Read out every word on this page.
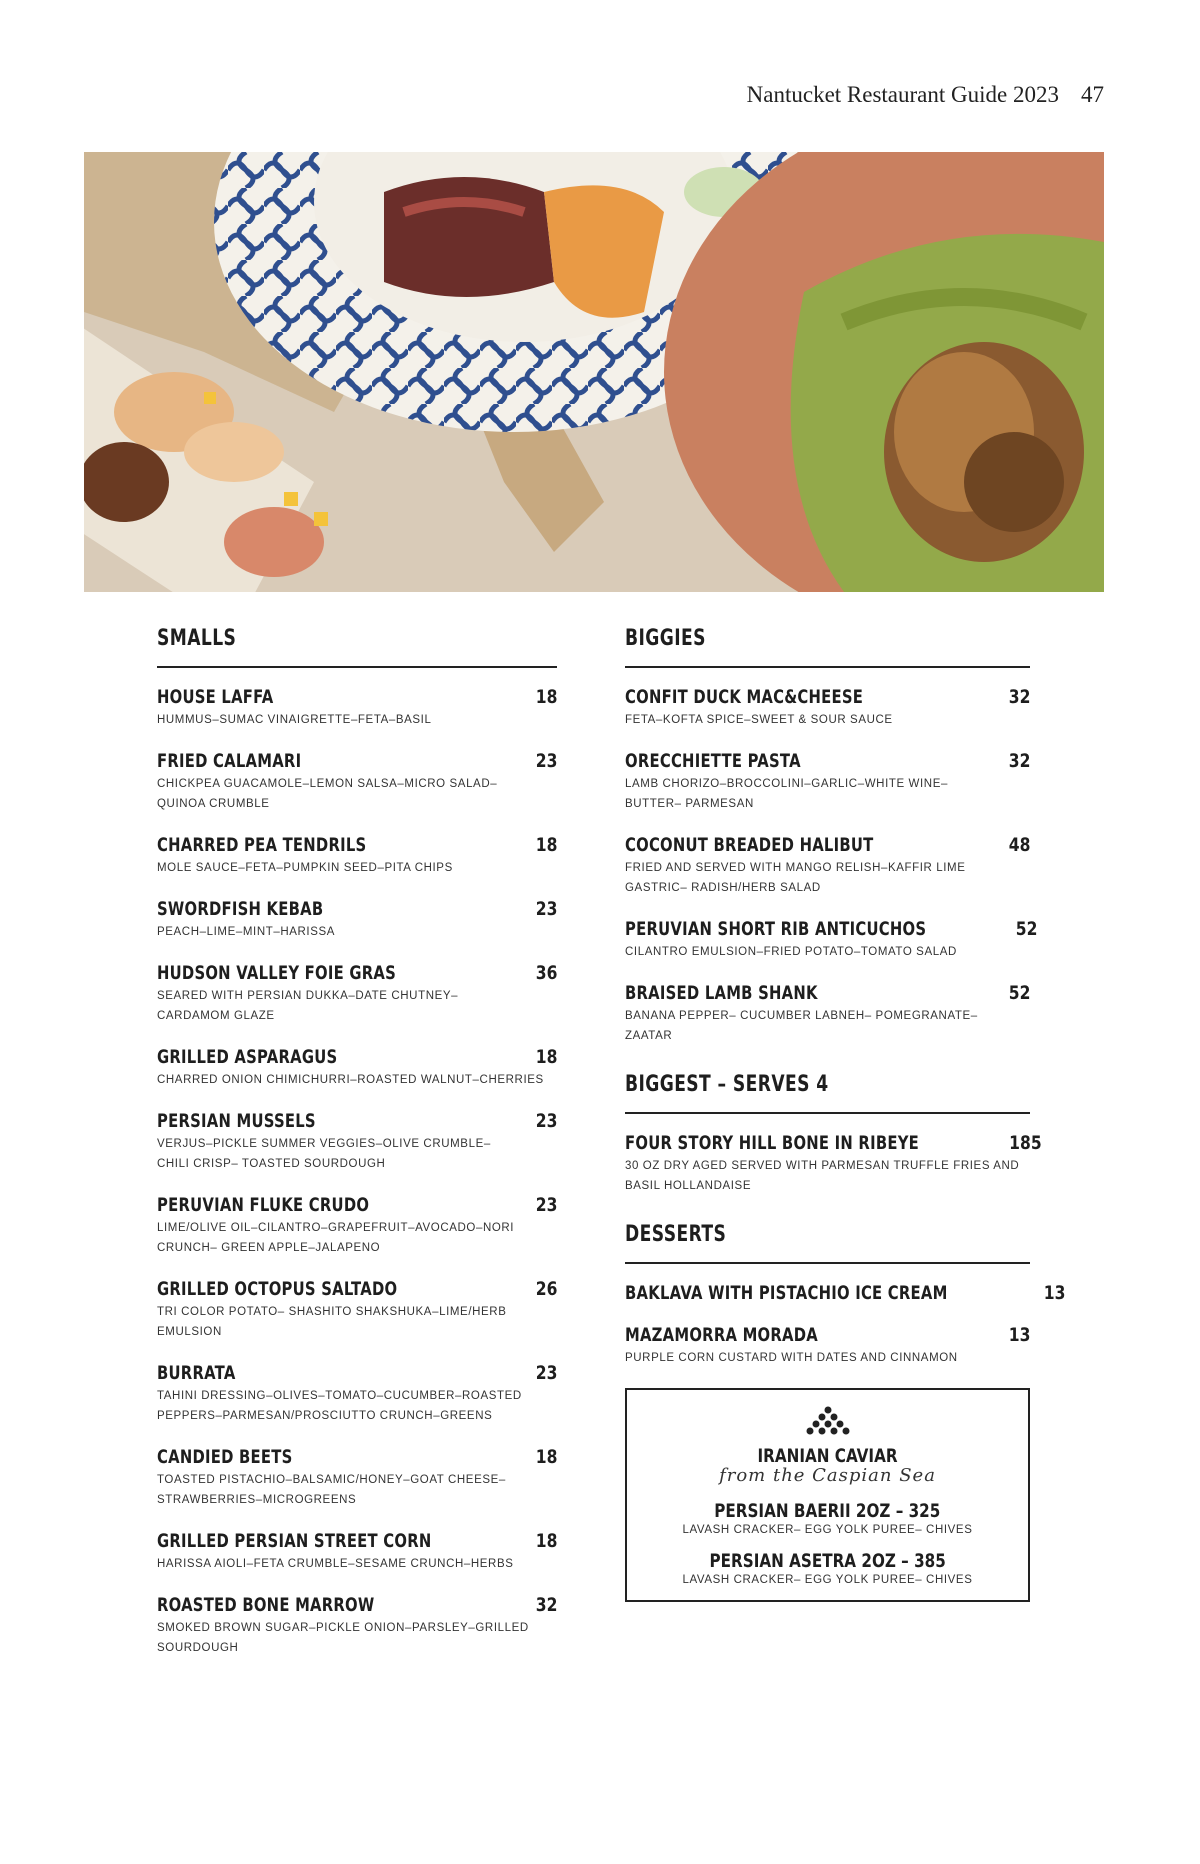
Nantucket Restaurant Guide 2023 47
SMALLS
HOUSE LAFFA	18
HUMMUS–SUMAC VINAIGRETTE–FETA–BASIL
FRIED CALAMARI	23
CHICKPEA GUACAMOLE–LEMON SALSA–MICRO SALAD– QUINOA CRUMBLE
CHARRED PEA TENDRILS	18
MOLE SAUCE–FETA–PUMPKIN SEED–PITA CHIPS
SWORDFISH KEBAB	23
PEACH–LIME–MINT–HARISSA
HUDSON VALLEY FOIE GRAS	36
SEARED WITH PERSIAN DUKKA–DATE CHUTNEY– CARDAMOM GLAZE
GRILLED ASPARAGUS	18
CHARRED ONION CHIMICHURRI–ROASTED WALNUT–CHERRIES
PERSIAN MUSSELS	23
VERJUS–PICKLE SUMMER VEGGIES–OLIVE CRUMBLE– CHILI CRISP– TOASTED SOURDOUGH
PERUVIAN FLUKE CRUDO	23
LIME/OLIVE OIL–CILANTRO–GRAPEFRUIT–AVOCADO–NORI CRUNCH– GREEN APPLE–JALAPENO
GRILLED OCTOPUS SALTADO	26
TRI COLOR POTATO– SHASHITO SHAKSHUKA–LIME/HERB EMULSION
BURRATA	23
TAHINI DRESSING–OLIVES–TOMATO–CUCUMBER–ROASTED PEPPERS–PARMESAN/PROSCIUTTO CRUNCH–GREENS
CANDIED BEETS	18
TOASTED PISTACHIO–BALSAMIC/HONEY–GOAT CHEESE– STRAWBERRIES–MICROGREENS
GRILLED PERSIAN STREET CORN	18
HARISSA AIOLI–FETA CRUMBLE–SESAME CRUNCH–HERBS
ROASTED BONE MARROW	32
SMOKED BROWN SUGAR–PICKLE ONION–PARSLEY–GRILLED SOURDOUGH
BIGGIES
CONFIT DUCK MAC&CHEESE	32
FETA–KOFTA SPICE–SWEET & SOUR SAUCE
ORECCHIETTE PASTA	32
LAMB CHORIZO–BROCCOLINI–GARLIC–WHITE WINE– BUTTER– PARMESAN
COCONUT BREADED HALIBUT	48
FRIED AND SERVED WITH MANGO RELISH–KAFFIR LIME GASTRIC– RADISH/HERB SALAD
PERUVIAN SHORT RIB ANTICUCHOS	52
CILANTRO EMULSION–FRIED POTATO–TOMATO SALAD
BRAISED LAMB SHANK	52
BANANA PEPPER– CUCUMBER LABNEH– POMEGRANATE– ZAATAR
BIGGEST – SERVES 4
FOUR STORY HILL BONE IN RIBEYE	185
30 OZ DRY AGED SERVED WITH PARMESAN TRUFFLE FRIES AND BASIL HOLLANDAISE
DESSERTS
BAKLAVA WITH PISTACHIO ICE CREAM	13
MAZAMORRA MORADA	13
PURPLE CORN CUSTARD WITH DATES AND CINNAMON
IRANIAN CAVIAR
from the Caspian Sea
PERSIAN BAERII 2OZ – 325
LAVASH CRACKER– EGG YOLK PUREE– CHIVES
PERSIAN ASETRA 2OZ – 385
LAVASH CRACKER– EGG YOLK PUREE– CHIVES
